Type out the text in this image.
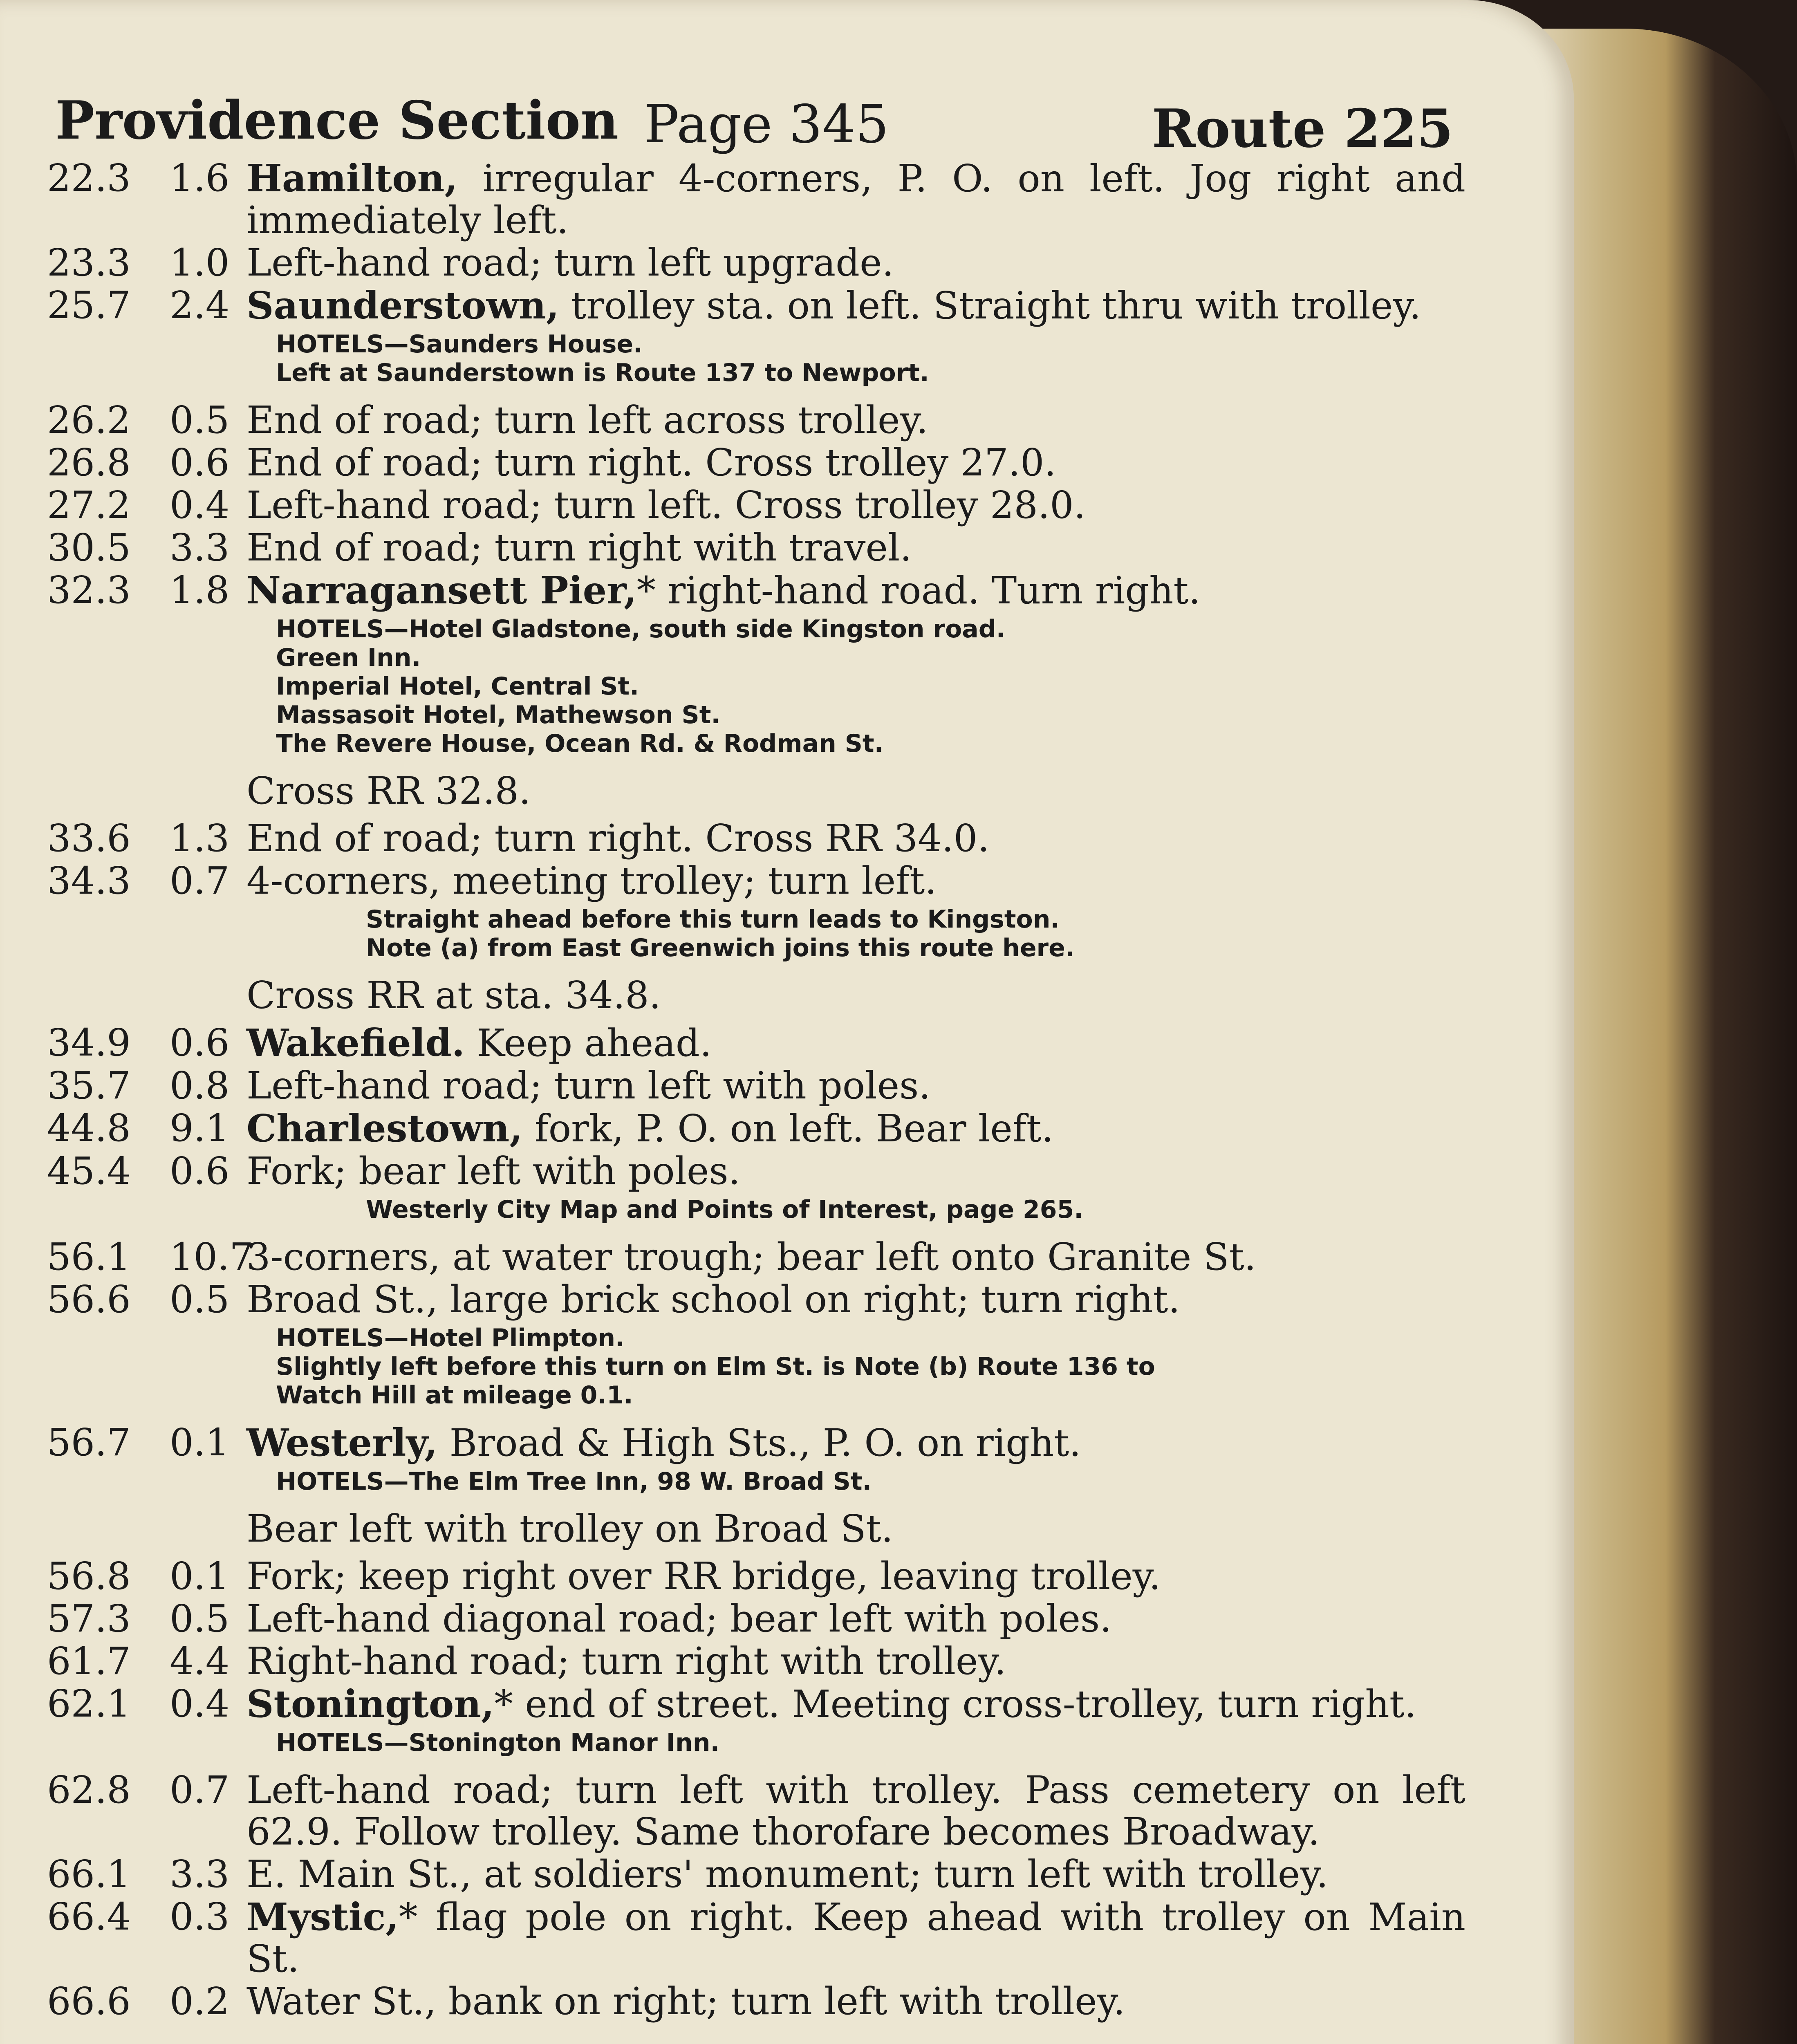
Providence Section Page 345	Route 225
22.3 1.6 Hamilton, irregular 4-corners, P. O. on left. Jog right and immediately left.
23.3 1.0 Left-hand road; turn left upgrade.
25.7 2.4 Saunderstown, trolley sta. on left. Straight thru with trolley.
HOTELS—Saunders House.
Left at Saunderstown is Route 137 to Newport.
26.2 0.5 End of road; turn left across trolley.
26.8 0.6 End of road; turn right. Cross trolley 27.0.
27.2 0.4 Left-hand road; turn left. Cross trolley 28.0.
30.5 3.3 End of road; turn right with travel.
32.3 1.8 Narragansett Pier,* right-hand road. Turn right.
HOTELS—Hotel Gladstone, south side Kingston road.
Green Inn.
Imperial Hotel, Central St.
Massasoit Hotel, Mathewson St.
The Revere House, Ocean Rd. & Rodman St.
Cross RR 32.8.
33.6 1.3 End of road; turn right. Cross RR 34.0.
34.3 0.7 4-corners, meeting trolley; turn left.
Straight ahead before this turn leads to Kingston.
Note (a) from East Greenwich joins this route here.
Cross RR at sta. 34.8.
34.9 0.6 Wakefield. Keep ahead.
35.7 0.8 Left-hand road; turn left with poles.
44.8 9.1 Charlestown, fork, P. O. on left. Bear left.
45.4 0.6 Fork; bear left with poles.
Westerly City Map and Points of Interest, page 265.
56.1 10.7
3-corners, at water trough; bear left onto Granite St.
56.6 0.5 Broad St., large brick school on right; turn right.
HOTELS—Hotel Plimpton.
Slightly left before this turn on Elm St. is Note (b) Route 136 to
Watch Hill at mileage 0.1.
56.7 0.1 Westerly, Broad & High Sts., P. O. on right.
HOTELS—The Elm Tree Inn, 98 W. Broad St.
Bear left with trolley on Broad St.
56.8 0.1 Fork; keep right over RR bridge, leaving trolley.
57.3 0.5 Left-hand diagonal road; bear left with poles.
61.7 4.4 Right-hand road; turn right with trolley.
62.1 0.4 Stonington,* end of street. Meeting cross-trolley, turn right.
HOTELS—Stonington Manor Inn.
62.8 0.7 Left-hand road; turn left with trolley. Pass cemetery on left 62.9. Follow trolley. Same thorofare becomes Broadway.
66.1 3.3 E. Main St., at soldiers' monument; turn left with trolley.
66.4 0.3 Mystic,* flag pole on right. Keep ahead with trolley on Main St.
66.6 0.2 Water St., bank on right; turn left with trolley.
